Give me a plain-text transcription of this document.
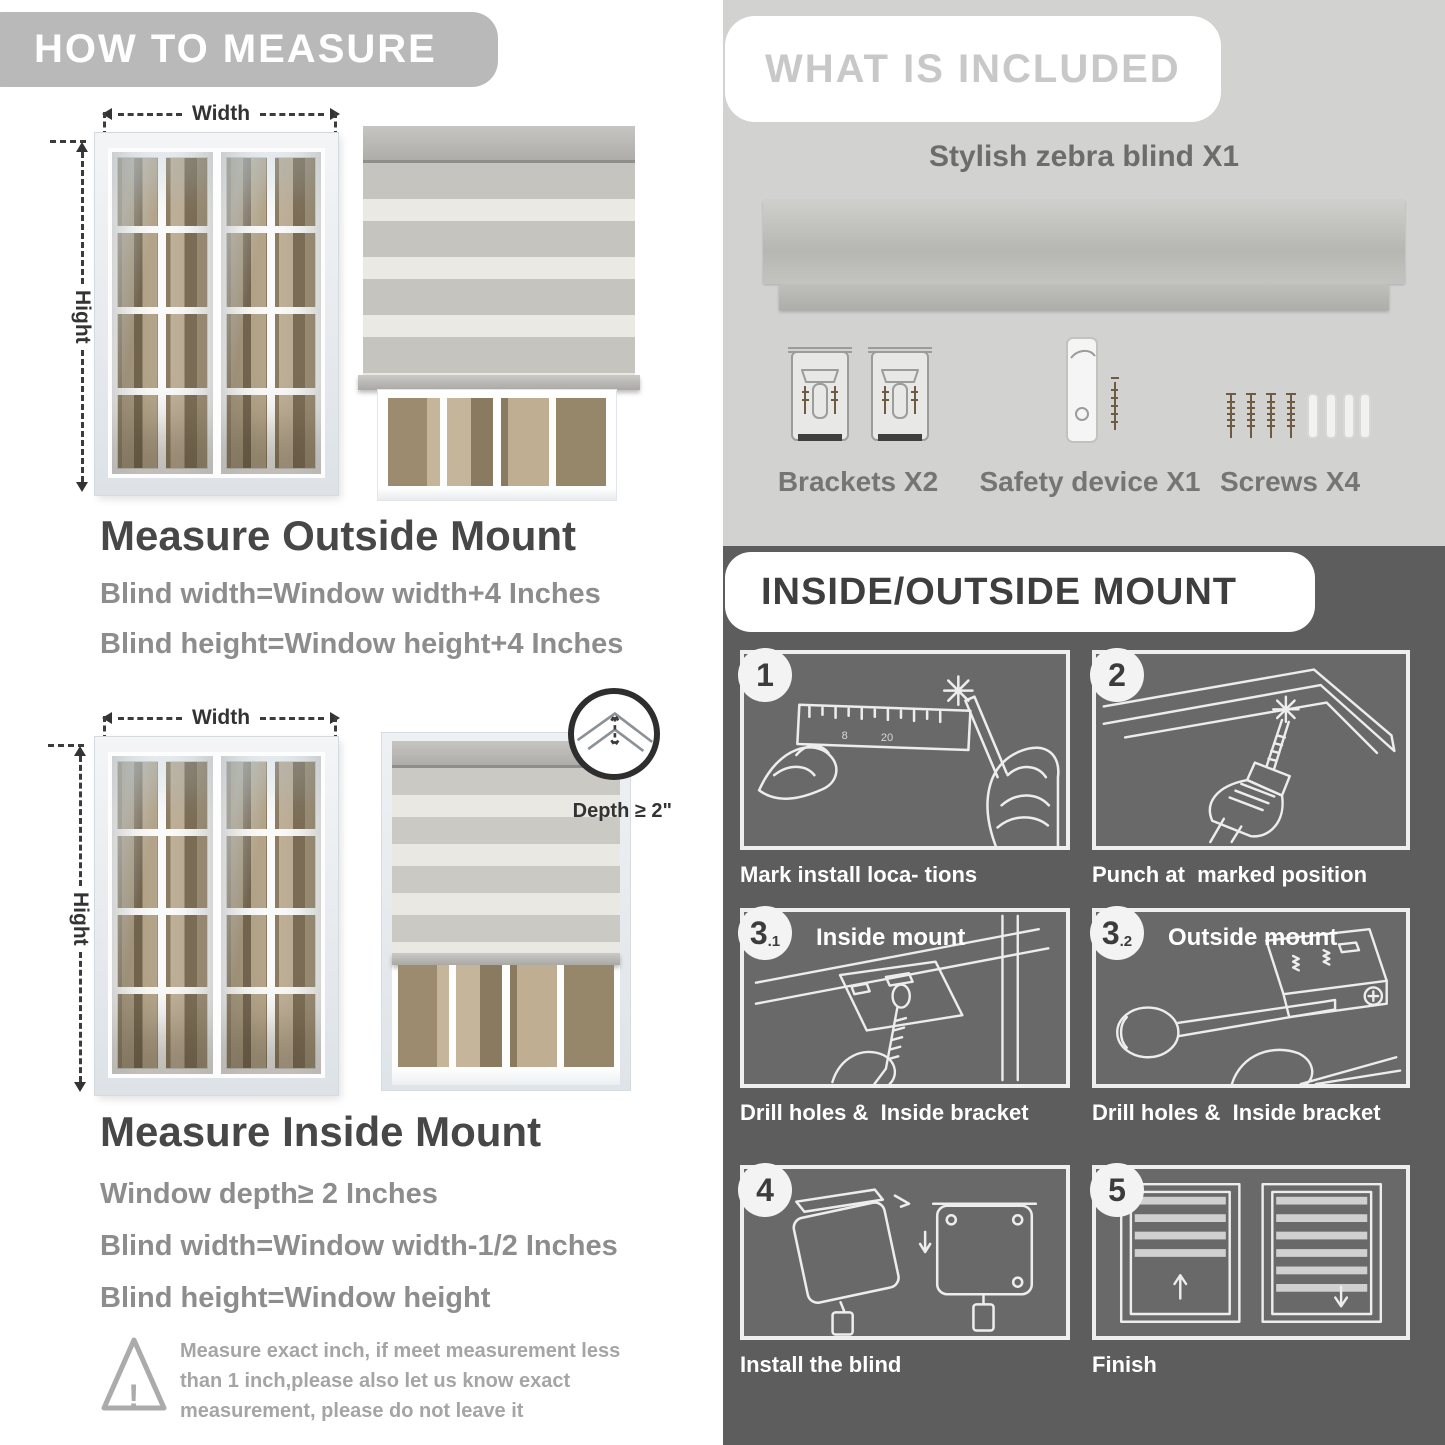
HOW TO MEASURE
Width
Hight
Measure Outside Mount
Blind width=Window width+4 Inches
Blind height=Window height+4 Inches
Width
Hight
Depth ≥ 2"
Measure Inside Mount
Window depth≥ 2 Inches
Blind width=Window width-1/2 Inches
Blind height=Window height
!
Measure exact inch, if meet measurement less than 1 inch,please also let us know exact measurement, please do not leave it
WHAT IS INCLUDED
Stylish zebra blind X1
Brackets X2	Safety device X1 Screws X4
INSIDE/OUTSIDE MOUNT
8	20
1
Mark install loca- tions
2
Punch at  marked position
3 .1 Inside mount
Drill holes &  Inside bracket
3 .2 Outside mount
Drill holes &  Inside bracket
4
Install the blind
5
Finish
